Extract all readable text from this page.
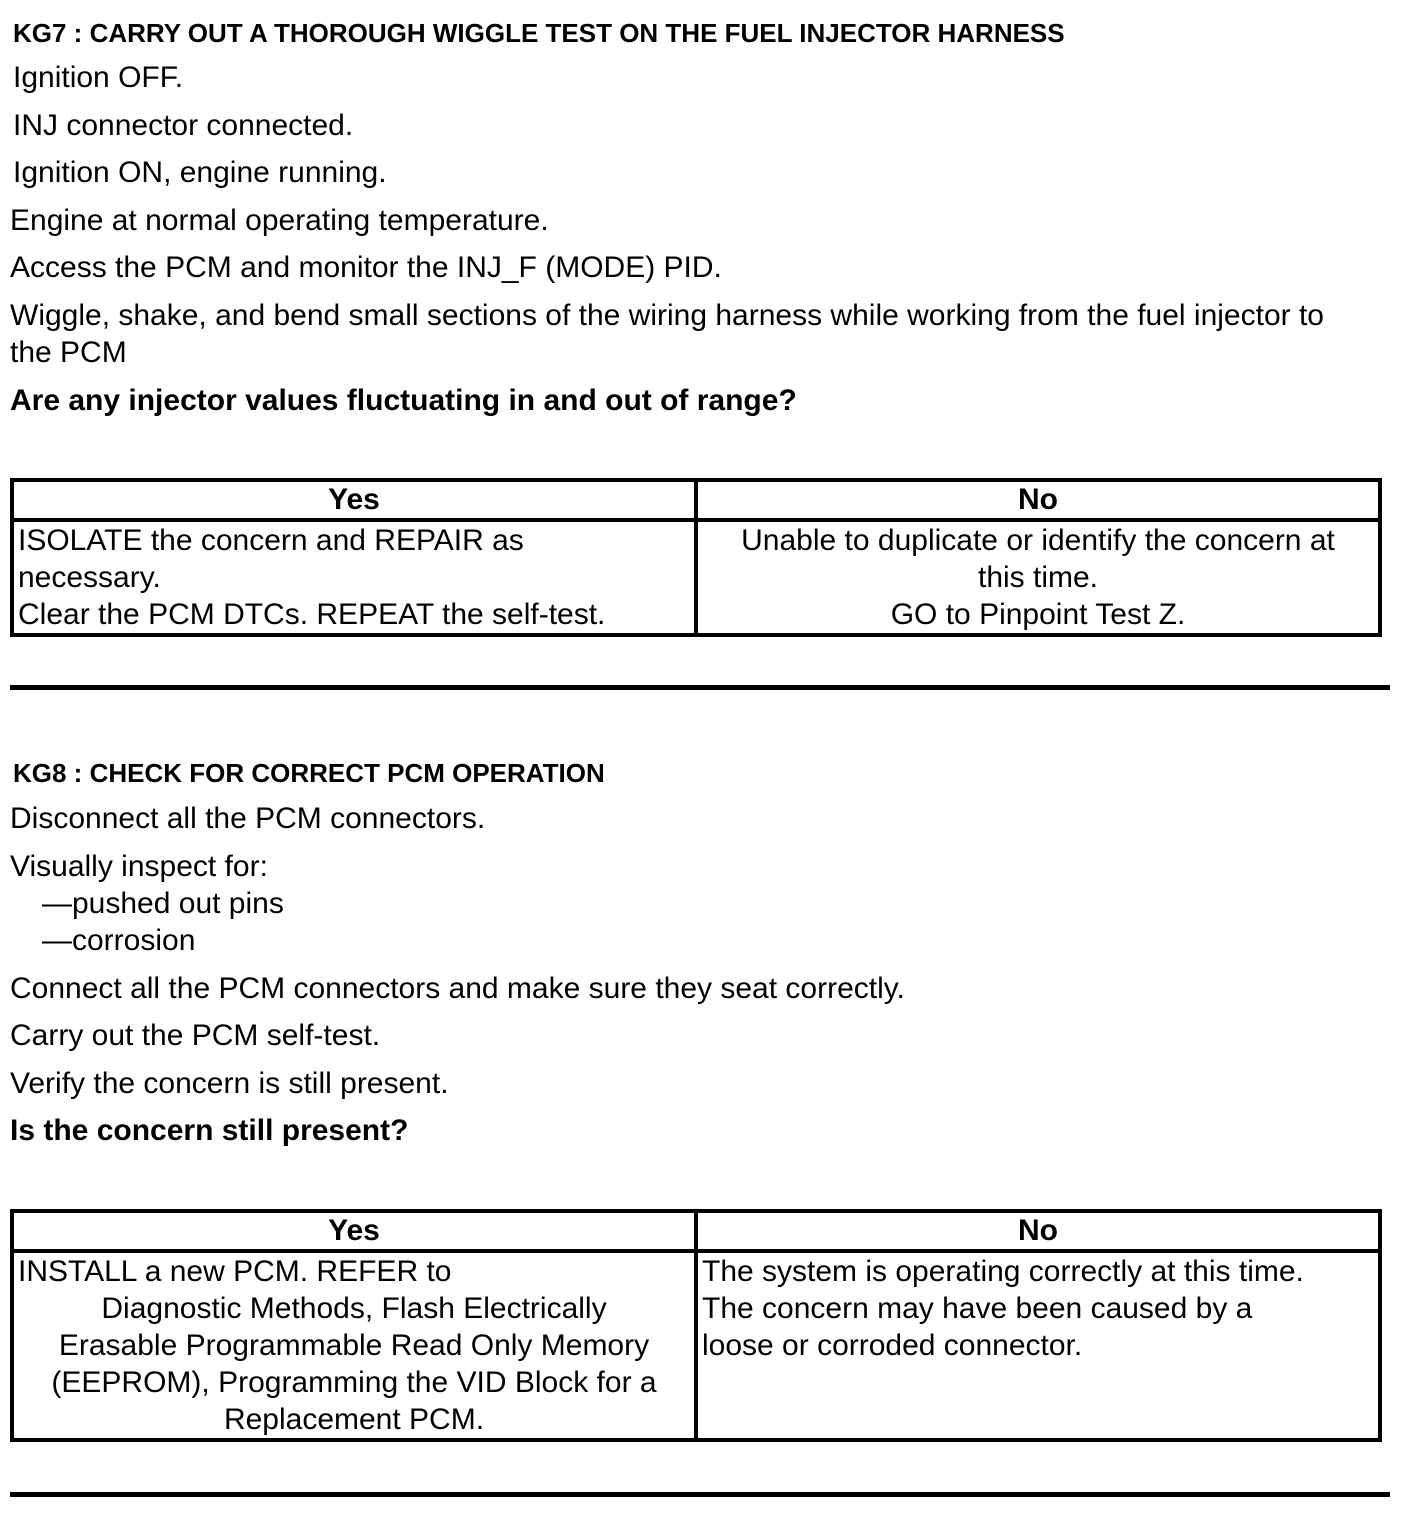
KG7 : CARRY OUT A THOROUGH WIGGLE TEST ON THE FUEL INJECTOR HARNESS
Ignition OFF.
INJ connector connected.
Ignition ON, engine running.
Engine at normal operating temperature.
Access the PCM and monitor the INJ_F (MODE) PID.
Wiggle, shake, and bend small sections of the wiring harness while working from the fuel injector to the PCM
Are any injector values fluctuating in and out of range?
Yes	No

ISOLATE the concern and REPAIR as
necessary.
Clear the PCM DTCs. REPEAT the self-test.	Unable to duplicate or identify the concern at
this time.
GO to Pinpoint Test Z.
KG8 : CHECK FOR CORRECT PCM OPERATION
Disconnect all the PCM connectors.
Visually inspect for:
—pushed out pins
—corrosion
Connect all the PCM connectors and make sure they seat correctly.
Carry out the PCM self-test.
Verify the concern is still present.
Is the concern still present?
Yes	No

INSTALL a new PCM. REFER to
Diagnostic Methods, Flash Electrically
Erasable Programmable Read Only Memory
(EEPROM), Programming the VID Block for a
Replacement PCM.	The system is operating correctly at this time.
The concern may have been caused by a
loose or corroded connector.
